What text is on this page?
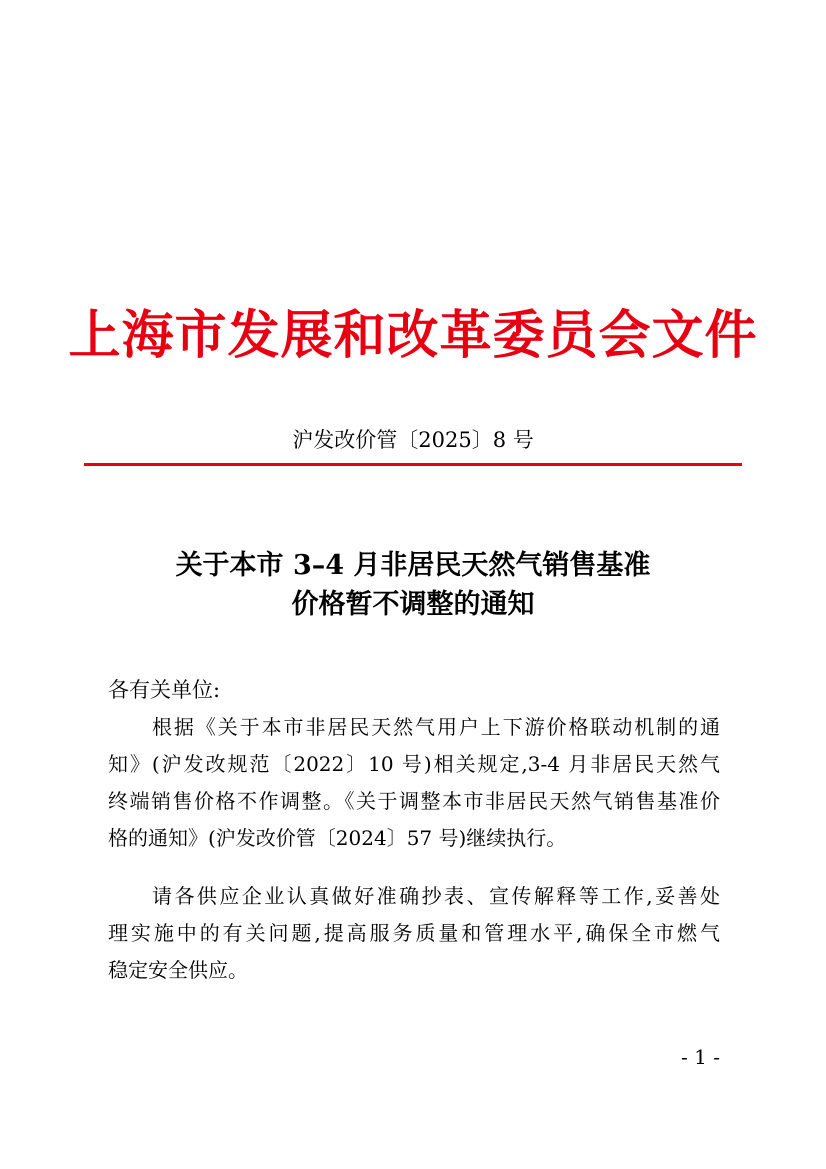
上海市发展和改革委员会文件
沪发改价管〔2025〕8 号
关于本市 3–4 月非居民天然气销售基准
价格暂不调整的通知
各有关单位:
根据《关于本市非居民天然气用户上下游价格联动机制的通
知》(沪发改规范〔2022〕10 号)相关规定,3-4 月非居民天然气
终端销售价格不作调整。《关于调整本市非居民天然气销售基准价
格的通知》(沪发改价管〔2024〕57 号)继续执行。
请各供应企业认真做好准确抄表、宣传解释等工作,妥善处
理实施中的有关问题,提高服务质量和管理水平,确保全市燃气
稳定安全供应。
- 1 -
